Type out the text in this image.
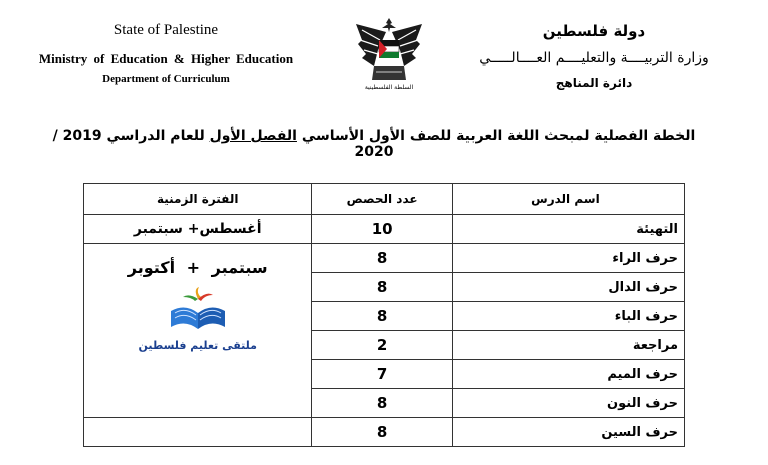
State of Palestine
Ministry of Education & Higher Education
Department of Curriculum
السلطة الفلسطينية
دولة فلسطين
وزارة التربيــــة والتعليــــم العــــالـــــي
دائرة المناهج
الخطة الفصلية لمبحث اللغة العربية للصف الأول الأساسي الفصل الأول للعام الدراسي 2019 / 2020
اسم الدرس	عدد الحصص	الفترة الزمنية
التهيئة	10	أغسطس+ سبتمبر
حرف الراء	8	سبتمبر + أكتوبر
ملتقى تعليم فلسطين

حرف الدال	8	
حرف الباء	8	
مراجعة	2	
حرف الميم	7	
حرف النون	8	
حرف السين	8	
